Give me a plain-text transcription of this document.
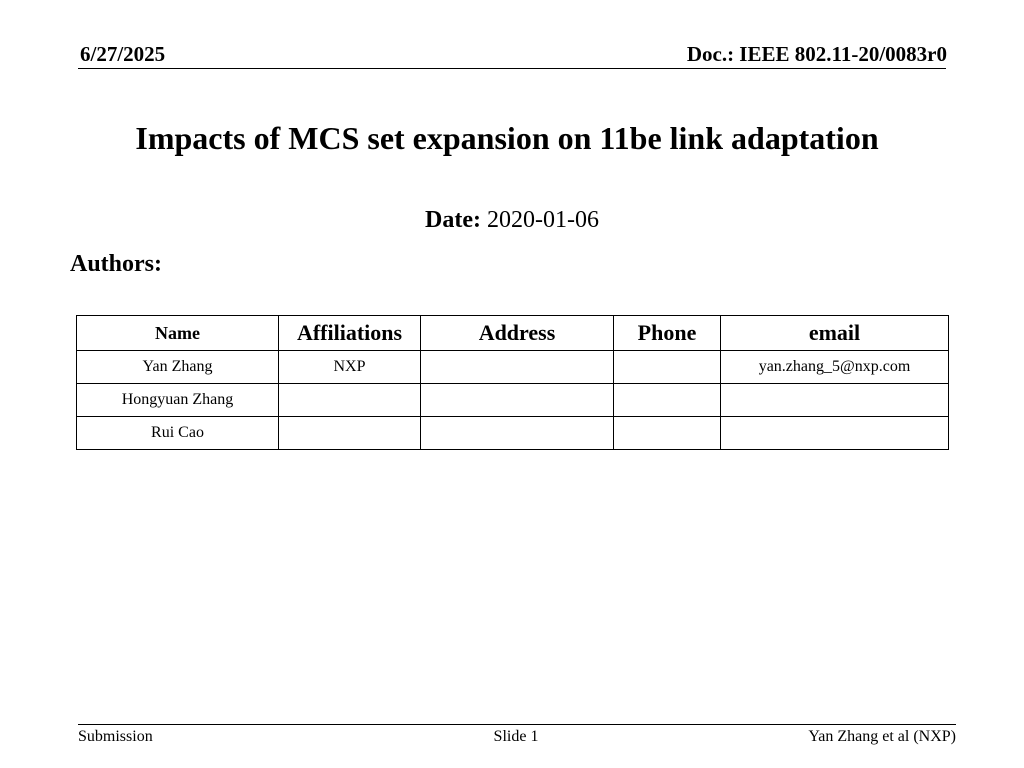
6/27/2025	Doc.: IEEE 802.11-20/0083r0
Impacts of MCS set expansion on 11be link adaptation
Date: 2020-01-06
Authors:
Name	Affiliations	Address	Phone	email
Yan Zhang	NXP			yan.zhang_5@nxp.com
Hongyuan Zhang				
Rui Cao				
Submission	Slide 1	Yan Zhang et al (NXP)
